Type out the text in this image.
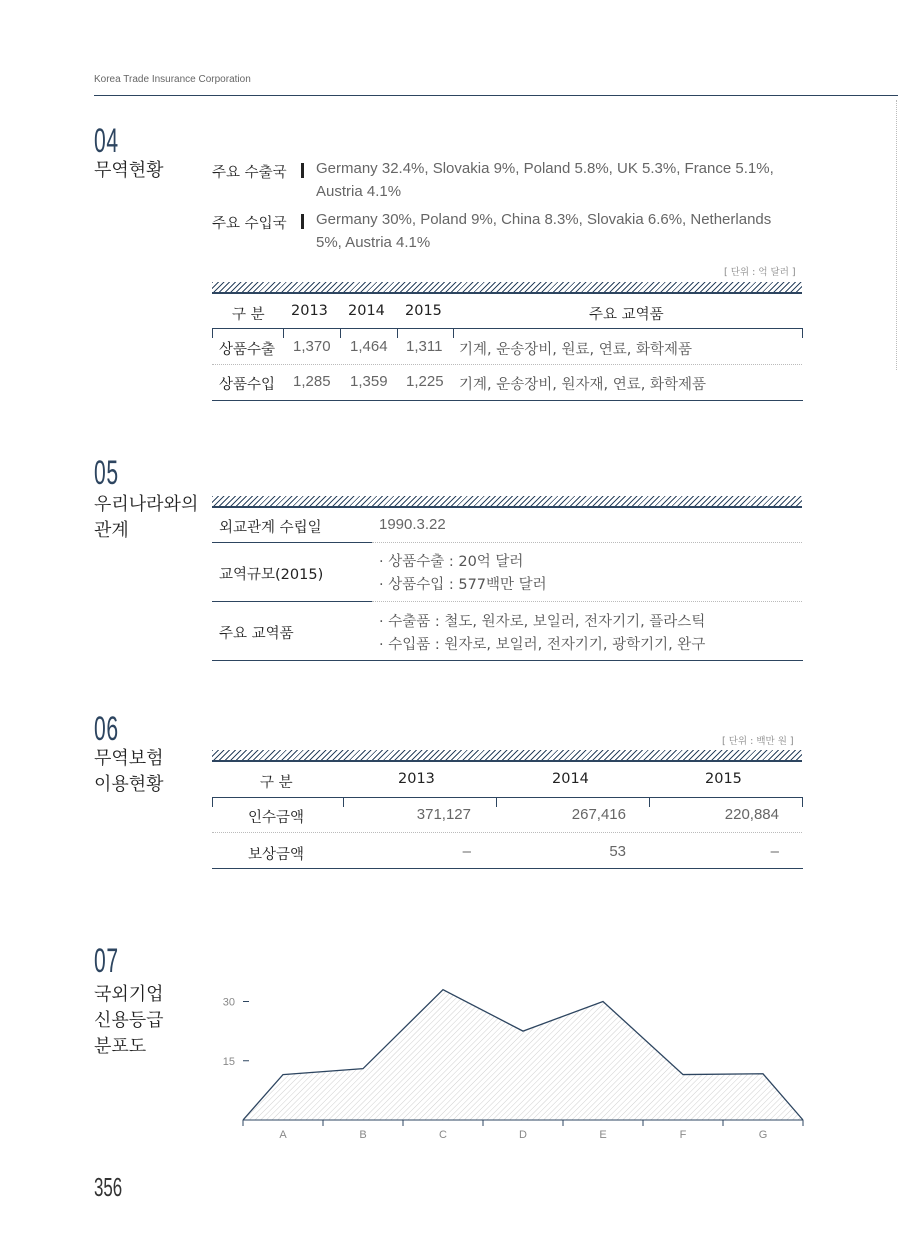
Korea Trade Insurance Corporation
04
무역현황	주요 수출국 Germany 32.4%, Slovakia 9%, Poland 5.8%, UK 5.3%, France 5.1%,
Austria 4.1%
주요 수입국 Germany 30%, Poland 9%, China 8.3%, Slovakia 6.6%, Netherlands
5%, Austria 4.1%
[ 단위 : 억 달러 ]
구 분 2013 2014 2015	주요 교역품
상품수출 1,370 1,464 1,311 기계, 운송장비, 원료, 연료, 화학제품
상품수입 1,285 1,359 1,225 기계, 운송장비, 원자재, 연료, 화학제품
05
우리나라와의
관계	외교관계 수립일	1990.3.22
교역규모(2015)
· 상품수출 : 20억 달러
· 상품수입 : 577백만 달러
주요 교역품
· 수출품 : 철도, 원자로, 보일러, 전자기기, 플라스틱
· 수입품 : 원자로, 보일러, 전자기기, 광학기기, 완구
06
무역보험
이용현황
[ 단위 : 백만 원 ]
구 분	2013	2014	2015
인수금액	371,127	267,416	220,884
보상금액	–	53	–
07
국외기업
신용등급
분포도
A	B	C	D	E	F	G
30
15
356
